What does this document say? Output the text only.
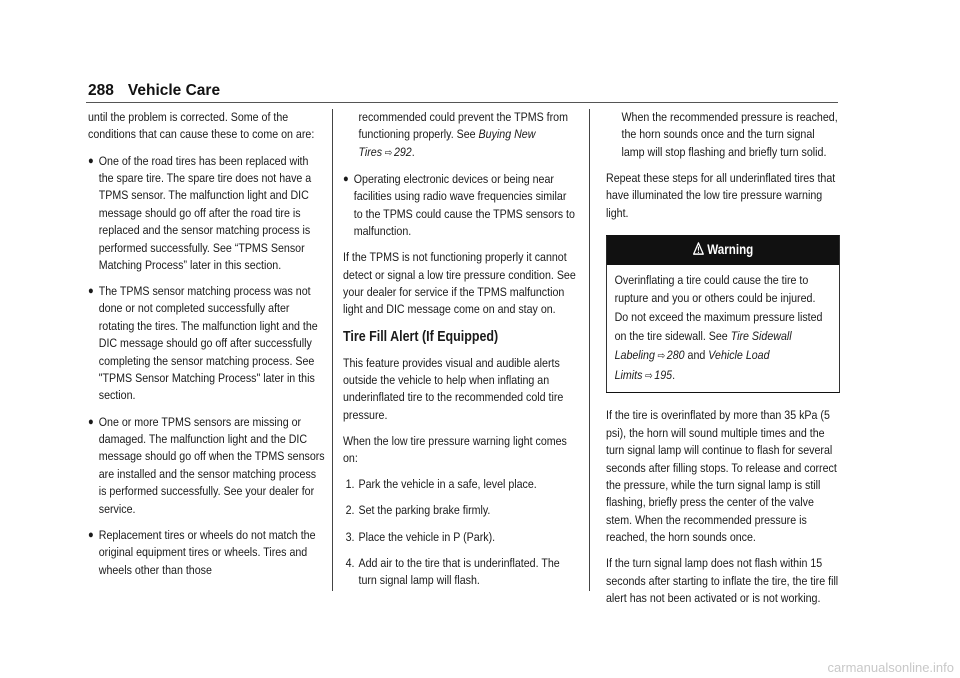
288 Vehicle Care

until the problem is corrected. Some of the conditions that can cause these to come on are:

● One of the road tires has been replaced with the spare tire. The spare tire does not have a TPMS sensor. The malfunction light and DIC message should go off after the road tire is replaced and the sensor matching process is performed successfully. See “TPMS Sensor Matching Process” later in this section.
● The TPMS sensor matching process was not done or not completed successfully after rotating the tires. The malfunction light and the DIC message should go off after successfully completing the sensor matching process. See "TPMS Sensor Matching Process" later in this section.
● One or more TPMS sensors are missing or damaged. The malfunction light and the DIC message should go off when the TPMS sensors are installed and the sensor matching process is performed successfully. See your dealer for service.
● Replacement tires or wheels do not match the original equipment tires or wheels. Tires and wheels other than those

recommended could prevent the TPMS from functioning properly. See Buying New Tires ⇨ 292.

● Operating electronic devices or being near facilities using radio wave frequencies similar to the TPMS could cause the TPMS sensors to malfunction.

If the TPMS is not functioning properly it cannot detect or signal a low tire pressure condition. See your dealer for service if the TPMS malfunction light and DIC message come on and stay on.

Tire Fill Alert (If Equipped)

This feature provides visual and audible alerts outside the vehicle to help when inflating an underinflated tire to the recommended cold tire pressure.

When the low tire pressure warning light comes on:

1. Park the vehicle in a safe, level place.
2. Set the parking brake firmly.
3. Place the vehicle in P (Park).
4. Add air to the tire that is underinflated. The turn signal lamp will flash.

When the recommended pressure is reached, the horn sounds once and the turn signal lamp will stop flashing and briefly turn solid.

Repeat these steps for all underinflated tires that have illuminated the low tire pressure warning light.

Warning
Overinflating a tire could cause the tire to rupture and you or others could be injured. Do not exceed the maximum pressure listed on the tire sidewall. See Tire Sidewall Labeling ⇨ 280 and Vehicle Load Limits ⇨ 195.

If the tire is overinflated by more than 35 kPa (5 psi), the horn will sound multiple times and the turn signal lamp will continue to flash for several seconds after filling stops. To release and correct the pressure, while the turn signal lamp is still flashing, briefly press the center of the valve stem. When the recommended pressure is reached, the horn sounds once.

If the turn signal lamp does not flash within 15 seconds after starting to inflate the tire, the tire fill alert has not been activated or is not working.

carmanualsonline.info
